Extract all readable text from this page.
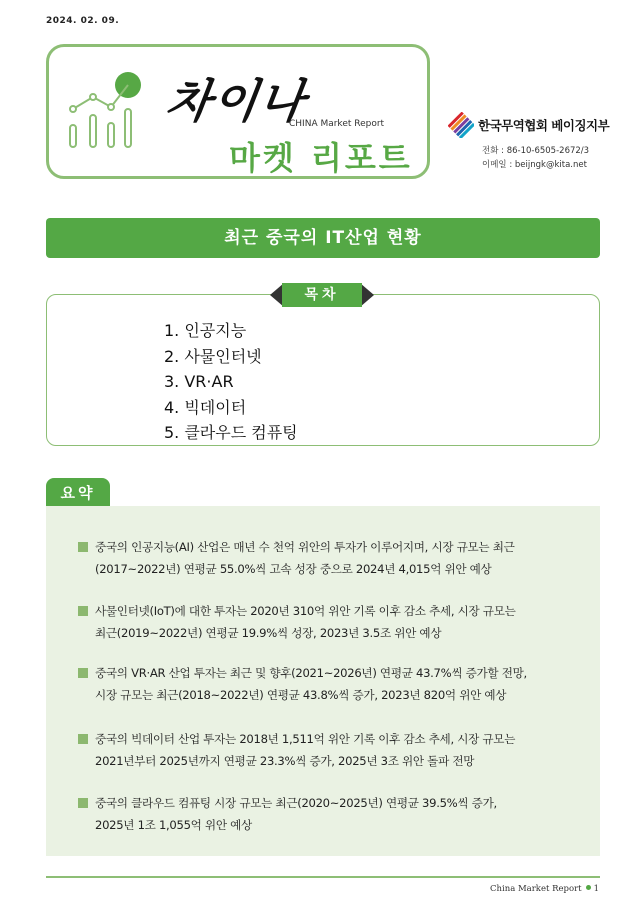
2024. 02. 09.
차이나
CHINA Market Report
마켓 리포트
한국무역협회 베이징지부
전화 : 86-10-6505-2672/3
이메일 : beijngk@kita.net
최근 중국의 IT산업 현황
목차
1. 인공지능
2. 사물인터넷
3. VR·AR
4. 빅데이터
5. 클라우드 컴퓨팅
요약
중국의 인공지능(AI) 산업은 매년 수 천억 위안의 투자가 이루어지며, 시장 규모는 최근
(2017~2022년) 연평균 55.0%씩 고속 성장 중으로 2024년 4,015억 위안 예상
사물인터넷(IoT)에 대한 투자는 2020년 310억 위안 기록 이후 감소 추세, 시장 규모는
최근(2019~2022년) 연평균 19.9%씩 성장, 2023년 3.5조 위안 예상
중국의 VR·AR 산업 투자는 최근 및 향후(2021~2026년) 연평균 43.7%씩 증가할 전망,
시장 규모는 최근(2018~2022년) 연평균 43.8%씩 증가, 2023년 820억 위안 예상
중국의 빅데이터 산업 투자는 2018년 1,511억 위안 기록 이후 감소 추세, 시장 규모는
2021년부터 2025년까지 연평균 23.3%씩 증가, 2025년 3조 위안 돌파 전망
중국의 클라우드 컴퓨팅 시장 규모는 최근(2020~2025년) 연평균 39.5%씩 증가,
2025년 1조 1,055억 위안 예상
China Market Report 1
